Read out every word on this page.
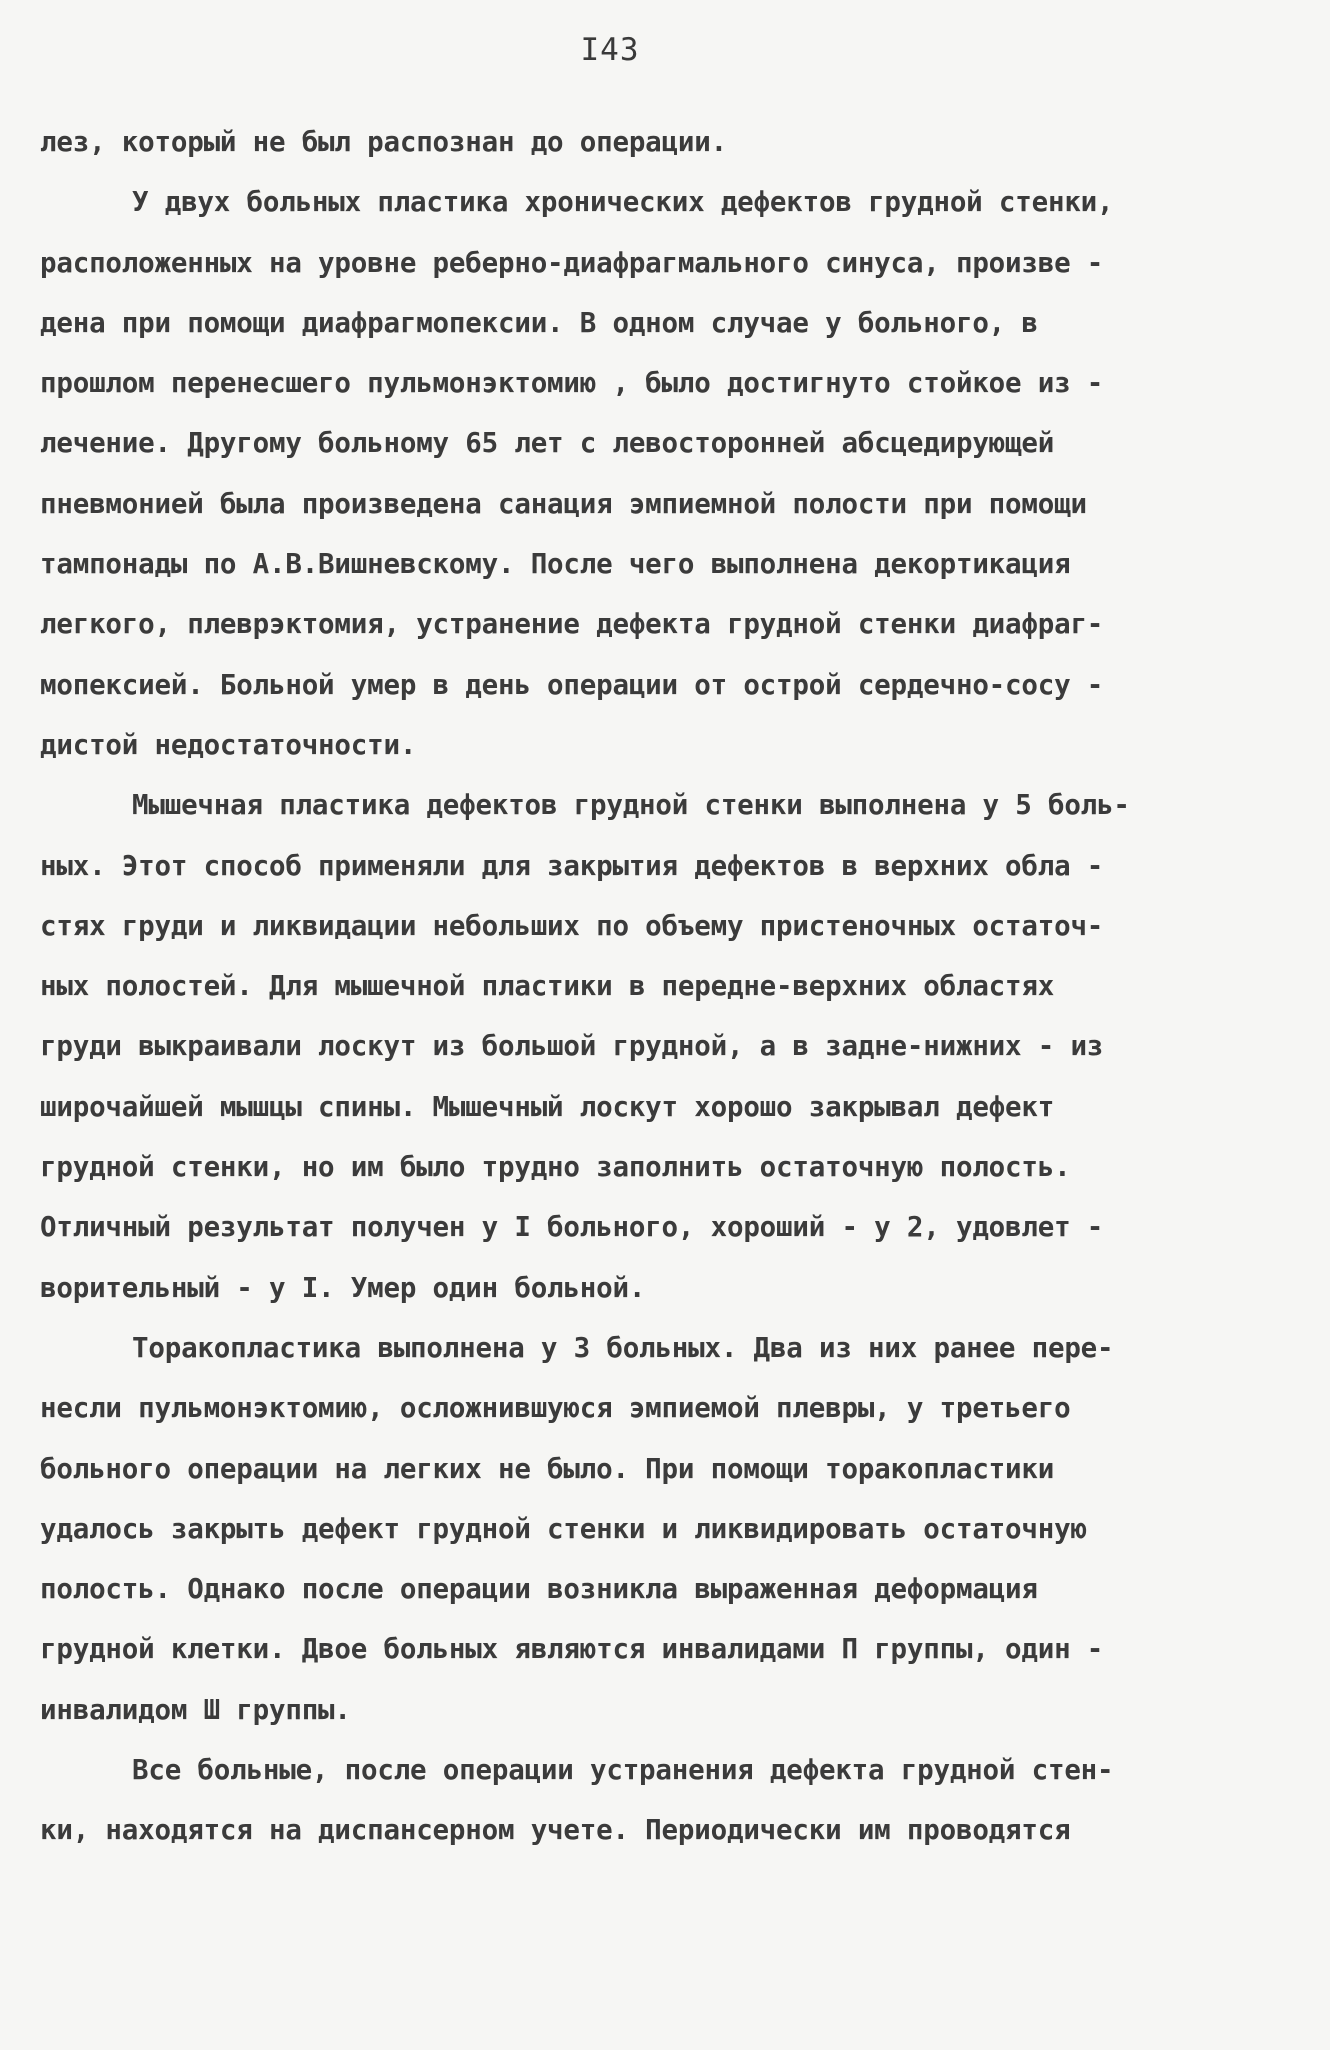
I43
лез, который не был распознан до операции.
У двух больных пластика хронических дефектов грудной стенки,
расположенных на уровне реберно-диафрагмального синуса, произве -
дена при помощи диафрагмопексии. В одном случае у больного, в
прошлом перенесшего пульмонэктомию , было достигнуто стойкое из -
лечение. Другому больному 65 лет с левосторонней абсцедирующей
пневмонией была произведена санация эмпиемной полости при помощи
тампонады по А.В.Вишневскому. После чего выполнена декортикация
легкого, плеврэктомия, устранение дефекта грудной стенки диафраг-
мопексией. Больной умер в день операции от острой сердечно-сосу -
дистой недостаточности.
Мышечная пластика дефектов грудной стенки выполнена у 5 боль-
ных. Этот способ применяли для закрытия дефектов в верхних обла -
стях груди и ликвидации небольших по объему пристеночных остаточ-
ных полостей. Для мышечной пластики в передне-верхних областях
груди выкраивали лоскут из большой грудной, а в задне-нижних - из
широчайшей мышцы спины. Мышечный лоскут хорошо закрывал дефект
грудной стенки, но им было трудно заполнить остаточную полость.
Отличный результат получен у I больного, хороший - у 2, удовлет -
ворительный - у I. Умер один больной.
Торакопластика выполнена у 3 больных. Два из них ранее пере-
несли пульмонэктомию, осложнившуюся эмпиемой плевры, у третьего
больного операции на легких не было. При помощи торакопластики
удалось закрыть дефект грудной стенки и ликвидировать остаточную
полость. Однако после операции возникла выраженная деформация
грудной клетки. Двое больных являются инвалидами П группы, один -
инвалидом Ш группы.
Все больные, после операции устранения дефекта грудной стен-
ки, находятся на диспансерном учете. Периодически им проводятся
